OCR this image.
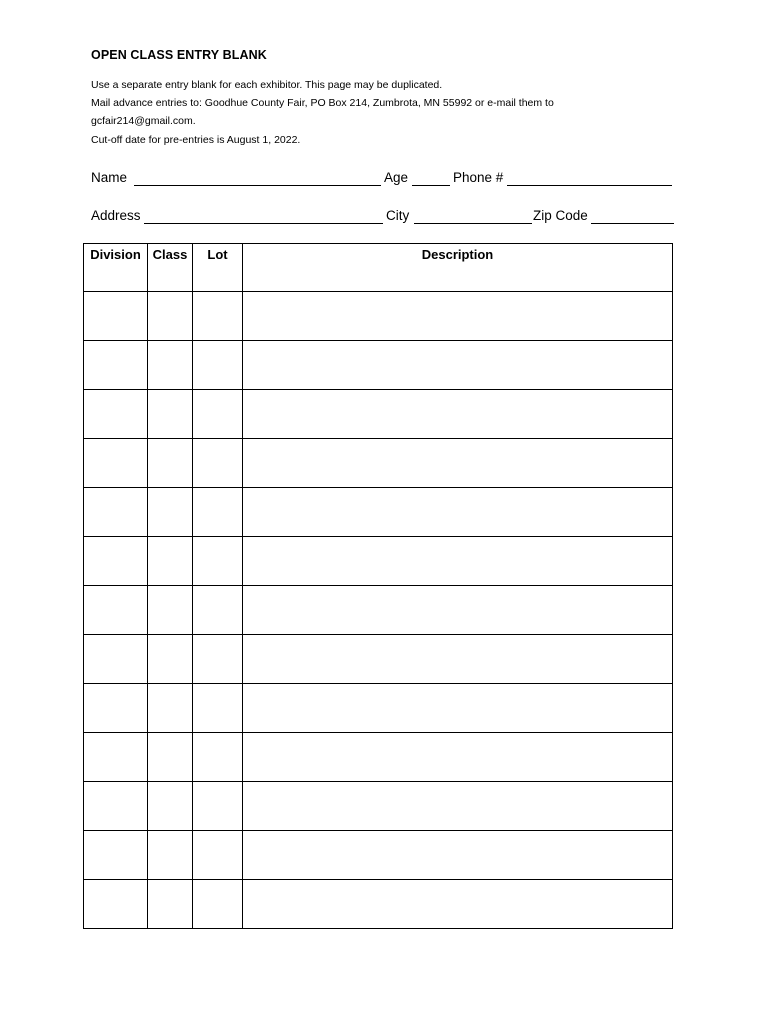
OPEN CLASS ENTRY BLANK
Use a separate entry blank for each exhibitor. This page may be duplicated.
Mail advance entries to: Goodhue County Fair, PO Box 214, Zumbrota, MN 55992 or e-mail them to
gcfair214@gmail.com.
Cut-off date for pre-entries is August 1, 2022.
Name	Age	Phone #
Address	City	Zip Code
Division	Class	Lot	Description
